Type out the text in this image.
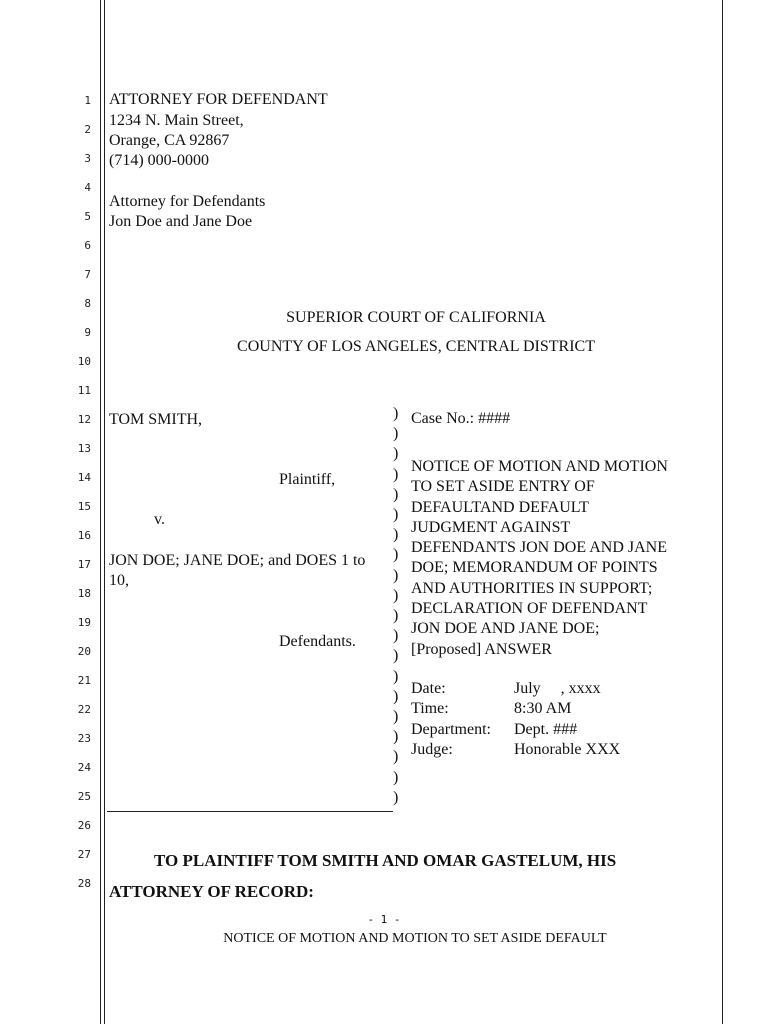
1
2
3
4
5
6
7
8
9
10
11
12
13
14
15
16
17
18
19
20
21
22
23
24
25
26
27
28
ATTORNEY FOR DEFENDANT
1234 N. Main Street,
Orange, CA 92867
(714) 000-0000
Attorney for Defendants
Jon Doe and Jane Doe
SUPERIOR COURT OF CALIFORNIA
COUNTY OF LOS ANGELES, CENTRAL DISTRICT
TOM SMITH,
Plaintiff,
v.
JON DOE; JANE DOE; and DOES 1 to
10,
Defendants.
)
)
)
)
)
)
)
)
)
)
)
)
)
)
)
)
)
)
)
)
Case No.: ####
NOTICE OF MOTION AND MOTION
TO SET ASIDE ENTRY OF
DEFAULTAND DEFAULT
JUDGMENT AGAINST
DEFENDANTS JON DOE AND JANE
DOE; MEMORANDUM OF POINTS
AND AUTHORITIES IN SUPPORT;
DECLARATION OF DEFENDANT
JON DOE AND JANE DOE;
[Proposed] ANSWER
Date:	July     , xxxx
Time:	8:30 AM
Department: Dept. ###
Judge:	Honorable XXX
TO PLAINTIFF TOM SMITH AND OMAR GASTELUM, HIS
ATTORNEY OF RECORD:
- 1 -
NOTICE OF MOTION AND MOTION TO SET ASIDE DEFAULT
